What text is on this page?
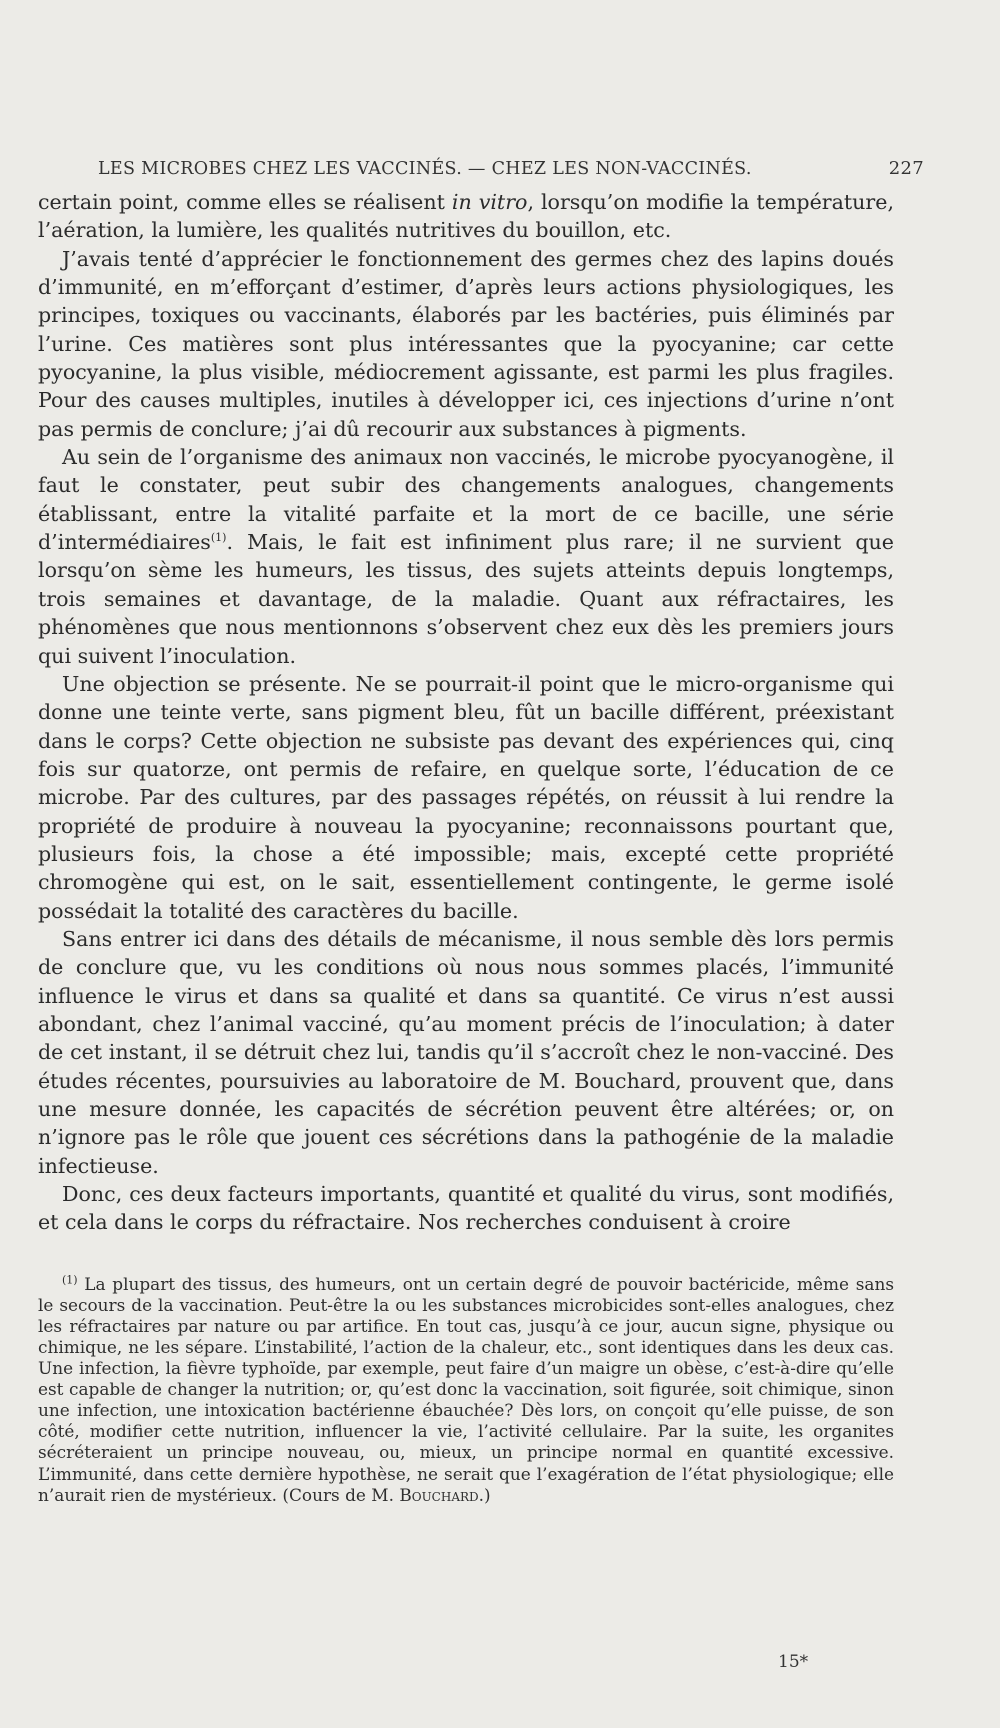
LES MICROBES CHEZ LES VACCINÉS. — CHEZ LES NON-VACCINÉS.	227

certain point, comme elles se réalisent in vitro, lorsqu’on modifie la température, l’aération, la lumière, les qualités nutritives du bouillon, etc.

J’avais tenté d’apprécier le fonctionnement des germes chez des lapins doués d’immunité, en m’efforçant d’estimer, d’après leurs actions physiologiques, les principes, toxiques ou vaccinants, élaborés par les bactéries, puis éliminés par l’urine. Ces matières sont plus intéressantes que la pyocyanine; car cette pyocyanine, la plus visible, médiocrement agissante, est parmi les plus fragiles. Pour des causes multiples, inutiles à développer ici, ces injections d’urine n’ont pas permis de conclure; j’ai dû recourir aux substances à pigments.

Au sein de l’organisme des animaux non vaccinés, le microbe pyocyanogène, il faut le constater, peut subir des changements analogues, changements établissant, entre la vitalité parfaite et la mort de ce bacille, une série d’intermédiaires$^{(1)}$. Mais, le fait est infiniment plus rare; il ne survient que lorsqu’on sème les humeurs, les tissus, des sujets atteints depuis longtemps, trois semaines et davantage, de la maladie. Quant aux réfractaires, les phénomènes que nous mentionnons s’observent chez eux dès les premiers jours qui suivent l’inoculation.

Une objection se présente. Ne se pourrait-il point que le micro-organisme qui donne une teinte verte, sans pigment bleu, fût un bacille différent, préexistant dans le corps? Cette objection ne subsiste pas devant des expériences qui, cinq fois sur quatorze, ont permis de refaire, en quelque sorte, l’éducation de ce microbe. Par des cultures, par des passages répétés, on réussit à lui rendre la propriété de produire à nouveau la pyocyanine; reconnaissons pourtant que, plusieurs fois, la chose a été impossible; mais, excepté cette propriété chromogène qui est, on le sait, essentiellement contingente, le germe isolé possédait la totalité des caractères du bacille.

Sans entrer ici dans des détails de mécanisme, il nous semble dès lors permis de conclure que, vu les conditions où nous nous sommes placés, l’immunité influence le virus et dans sa qualité et dans sa quantité. Ce virus n’est aussi abondant, chez l’animal vacciné, qu’au moment précis de l’inoculation; à dater de cet instant, il se détruit chez lui, tandis qu’il s’accroît chez le non-vacciné. Des études récentes, poursuivies au laboratoire de M. Bouchard, prouvent que, dans une mesure donnée, les capacités de sécrétion peuvent être altérées; or, on n’ignore pas le rôle que jouent ces sécrétions dans la pathogénie de la maladie infectieuse.

Donc, ces deux facteurs importants, quantité et qualité du virus, sont modifiés, et cela dans le corps du réfractaire. Nos recherches conduisent à croire

$^{(1)}$ La plupart des tissus, des humeurs, ont un certain degré de pouvoir bactéricide, même sans le secours de la vaccination. Peut-être la ou les substances microbicides sont-elles analogues, chez les réfractaires par nature ou par artifice. En tout cas, jusqu’à ce jour, aucun signe, physique ou chimique, ne les sépare. L’instabilité, l’action de la chaleur, etc., sont identiques dans les deux cas. Une infection, la fièvre typhoïde, par exemple, peut faire d’un maigre un obèse, c’est-à-dire qu’elle est capable de changer la nutrition; or, qu’est donc la vaccination, soit figurée, soit chimique, sinon une infection, une intoxication bactérienne ébauchée? Dès lors, on conçoit qu’elle puisse, de son côté, modifier cette nutrition, influencer la vie, l’activité cellulaire. Par la suite, les organites sécréteraient un principe nouveau, ou, mieux, un principe normal en quantité excessive. L’immunité, dans cette dernière hypothèse, ne serait que l’exagération de l’état physiologique; elle n’aurait rien de mystérieux. (Cours de M. Bouchard.)

15*
